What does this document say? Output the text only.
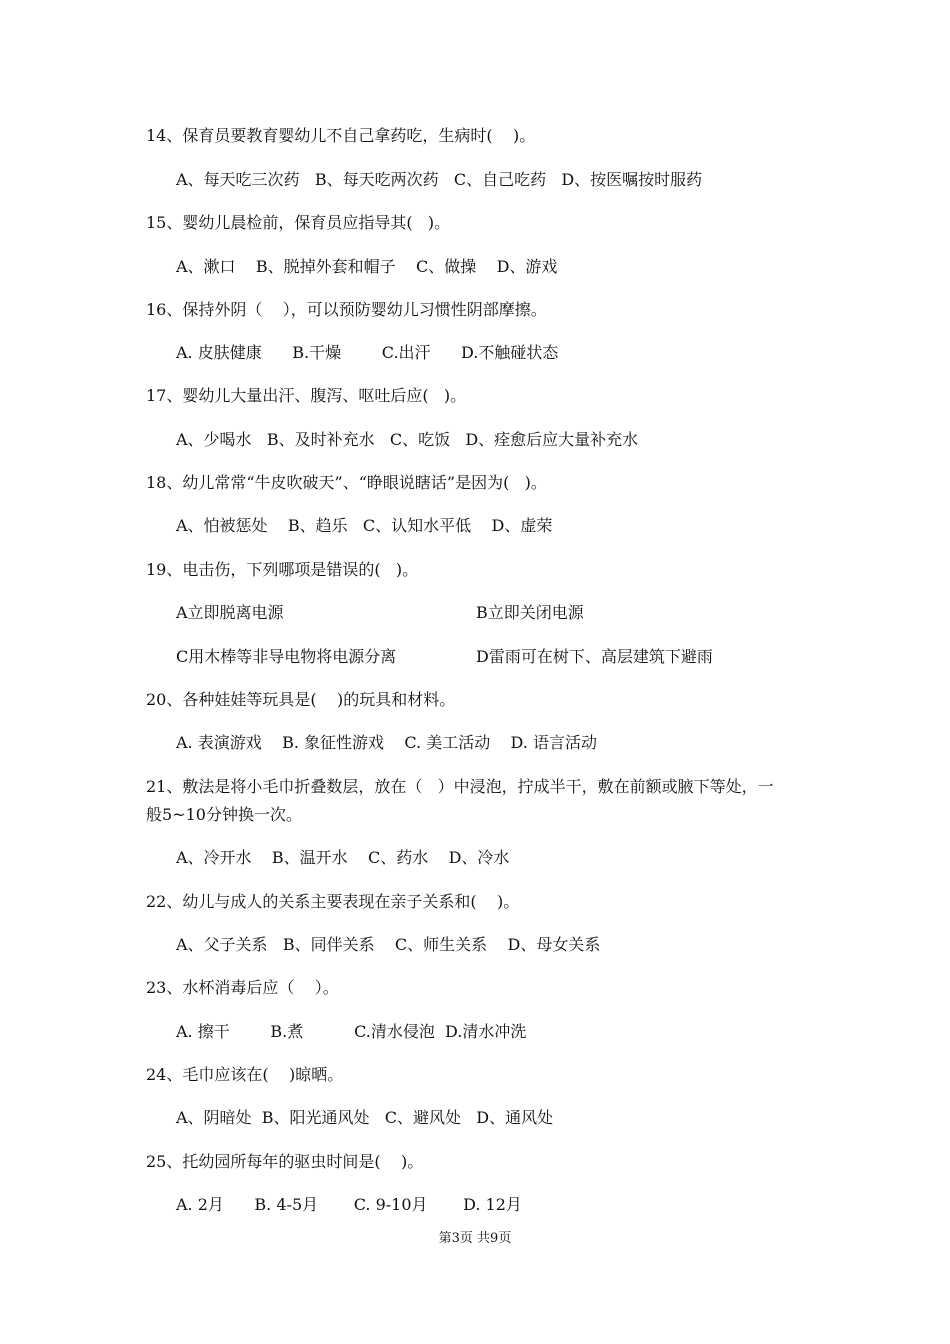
14、保育员要教育婴幼儿不自己拿药吃，生病时(    )。
A、每天吃三次药   B、每天吃两次药   C、自己吃药   D、按医嘱按时服药
15、婴幼儿晨检前，保育员应指导其(   )。
A、漱口    B、脱掉外套和帽子    C、做操    D、游戏
16、保持外阴（    ），可以预防婴幼儿习惯性阴部摩擦。
A. 皮肤健康      B.干燥        C.出汗      D.不触碰状态
17、婴幼儿大量出汗、腹泻、呕吐后应(   )。
A、少喝水   B、及时补充水   C、吃饭   D、痊愈后应大量补充水
18、幼儿常常“牛皮吹破天”、“睁眼说瞎话”是因为(   )。
A、怕被惩处    B、趋乐   C、认知水平低    D、虚荣
19、电击伤，下列哪项是错误的(   )。
A立即脱离电源	B立即关闭电源
C用木棒等非导电物将电源分离	D雷雨可在树下、高层建筑下避雨
20、各种娃娃等玩具是(    )的玩具和材料。
A. 表演游戏    B. 象征性游戏    C. 美工活动    D. 语言活动
21、敷法是将小毛巾折叠数层，放在（   ）中浸泡，拧成半干，敷在前额或腋下等处，一
般5~10分钟换一次。
A、冷开水    B、温开水    C、药水    D、冷水
22、幼儿与成人的关系主要表现在亲子关系和(    )。
A、父子关系   B、同伴关系    C、师生关系    D、母女关系
23、水杯消毒后应（    ）。
A. 擦干        B.煮          C.清水侵泡  D.清水冲洗
24、毛巾应该在(    )晾晒。
A、阴暗处  B、阳光通风处   C、避风处   D、通风处
25、托幼园所每年的驱虫时间是(    )。
A. 2月      B. 4-5月       C. 9-10月       D. 12月
第3页 共9页
